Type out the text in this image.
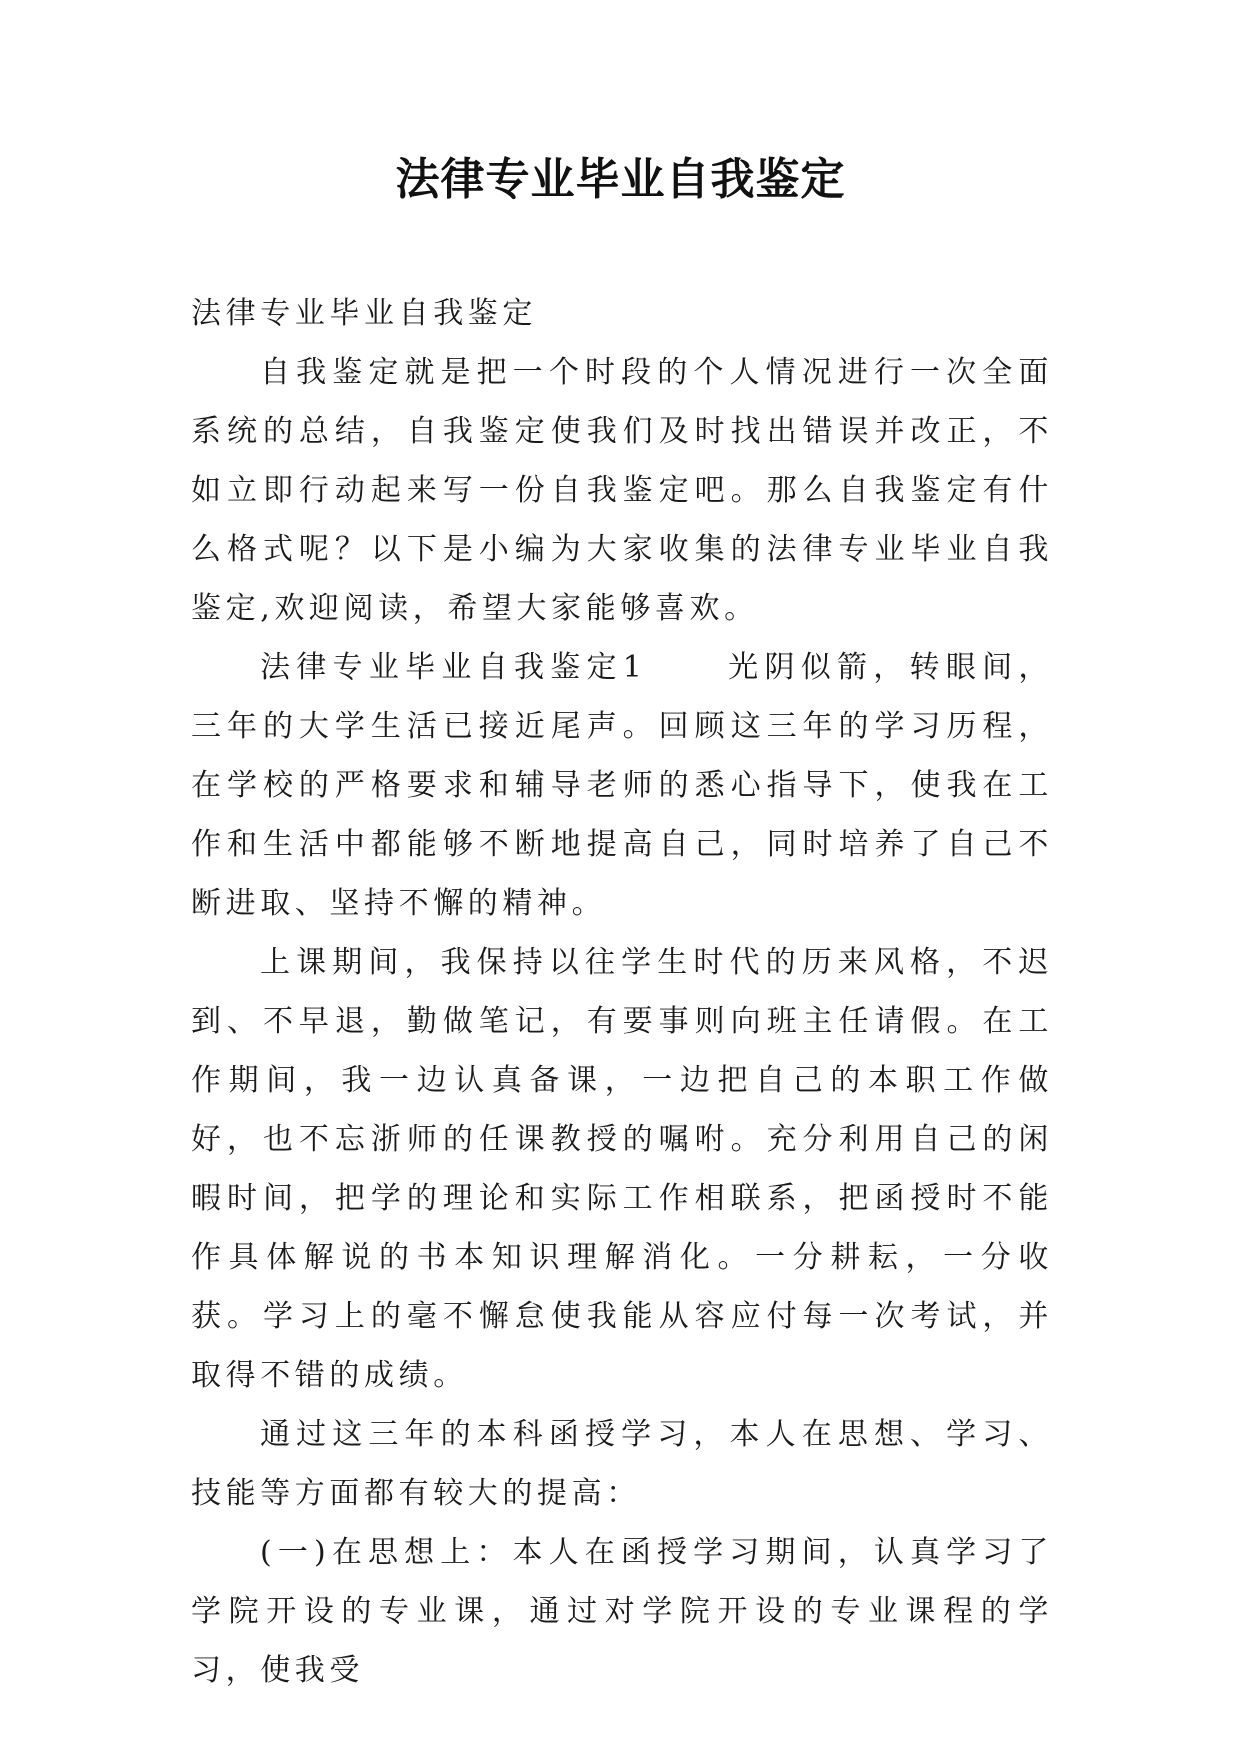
法律专业毕业自我鉴定

法律专业毕业自我鉴定

自我鉴定就是把一个时段的个人情况进行一次全面系统的总结，自我鉴定使我们及时找出错误并改正，不如立即行动起来写一份自我鉴定吧。那么自我鉴定有什么格式呢？以下是小编为大家收集的法律专业毕业自我鉴定,欢迎阅读，希望大家能够喜欢。

法律专业毕业自我鉴定1	光阴似箭，转眼间，三年的大学生活已接近尾声。回顾这三年的学习历程，在学校的严格要求和辅导老师的悉心指导下，使我在工作和生活中都能够不断地提高自己，同时培养了自己不断进取、坚持不懈的精神。

上课期间，我保持以往学生时代的历来风格，不迟到、不早退，勤做笔记，有要事则向班主任请假。在工作期间，我一边认真备课，一边把自己的本职工作做好，也不忘浙师的任课教授的嘱咐。充分利用自己的闲暇时间，把学的理论和实际工作相联系，把函授时不能作具体解说的书本知识理解消化。一分耕耘，一分收获。学习上的毫不懈怠使我能从容应付每一次考试，并取得不错的成绩。

通过这三年的本科函授学习，本人在思想、学习、技能等方面都有较大的提高：

(一)在思想上：本人在函授学习期间，认真学习了学院开设的专业课，通过对学院开设的专业课程的学习，使我受
